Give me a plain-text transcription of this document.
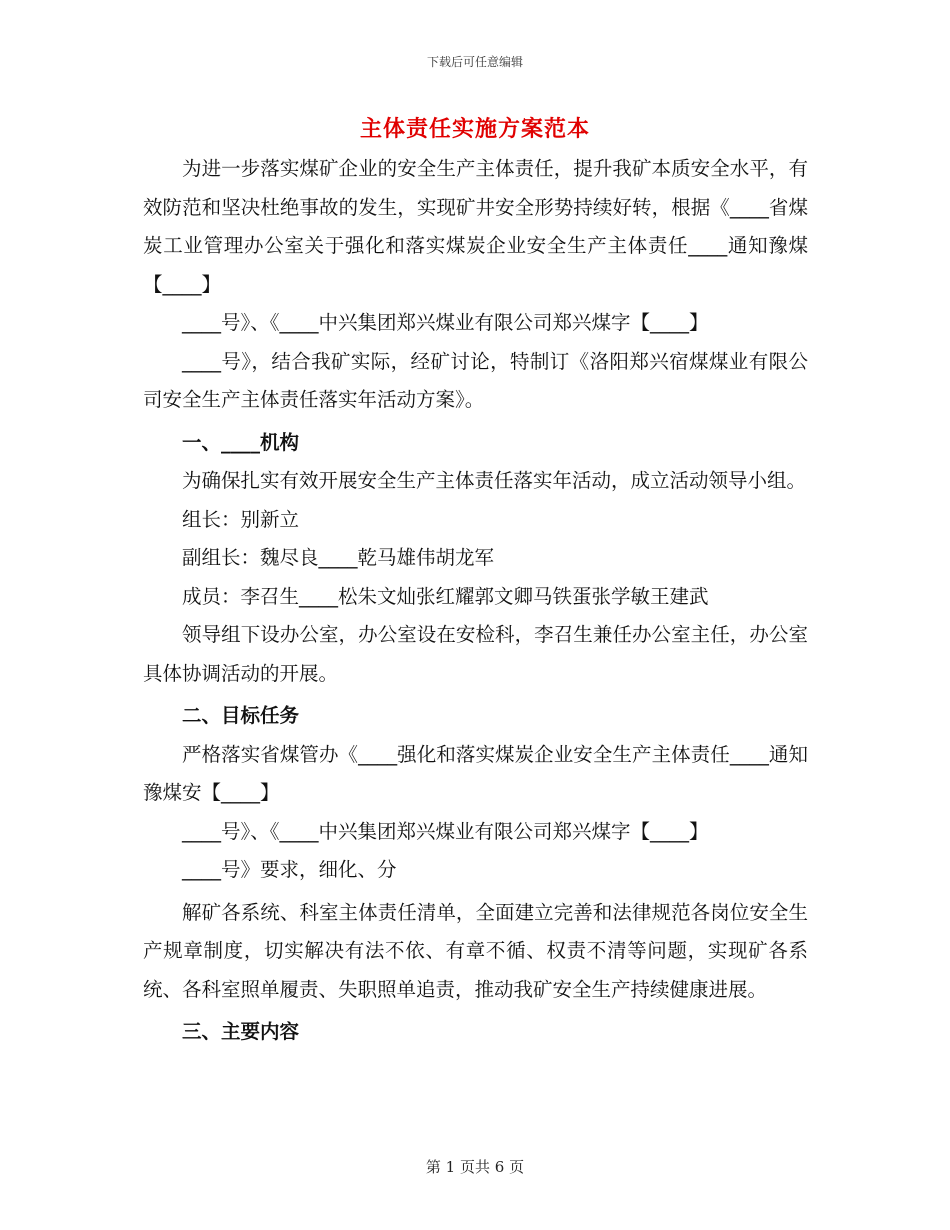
下载后可任意编辑
主体责任实施方案范本

为进一步落实煤矿企业的安全生产主体责任，提升我矿本质安全水平，有效防范和坚决杜绝事故的发生，实现矿井安全形势持续好转，根据《____省煤炭工业管理办公室关于强化和落实煤炭企业安全生产主体责任____通知豫煤【____】

____号》、《____中兴集团郑兴煤业有限公司郑兴煤字【____】

____号》，结合我矿实际，经矿讨论，特制订《洛阳郑兴宿煤煤业有限公司安全生产主体责任落实年活动方案》。

一、____机构

为确保扎实有效开展安全生产主体责任落实年活动，成立活动领导小组。

组长：别新立

副组长：魏尽良____乾马雄伟胡龙军

成员：李召生____松朱文灿张红耀郭文卿马铁蛋张学敏王建武

领导组下设办公室，办公室设在安检科，李召生兼任办公室主任，办公室具体协调活动的开展。

二、目标任务

严格落实省煤管办《____强化和落实煤炭企业安全生产主体责任____通知豫煤安【____】

____号》、《____中兴集团郑兴煤业有限公司郑兴煤字【____】

____号》要求，细化、分

解矿各系统、科室主体责任清单，全面建立完善和法律规范各岗位安全生产规章制度，切实解决有法不依、有章不循、权责不清等问题，实现矿各系统、各科室照单履责、失职照单追责，推动我矿安全生产持续健康进展。

三、主要内容

第 1 页共 6 页
